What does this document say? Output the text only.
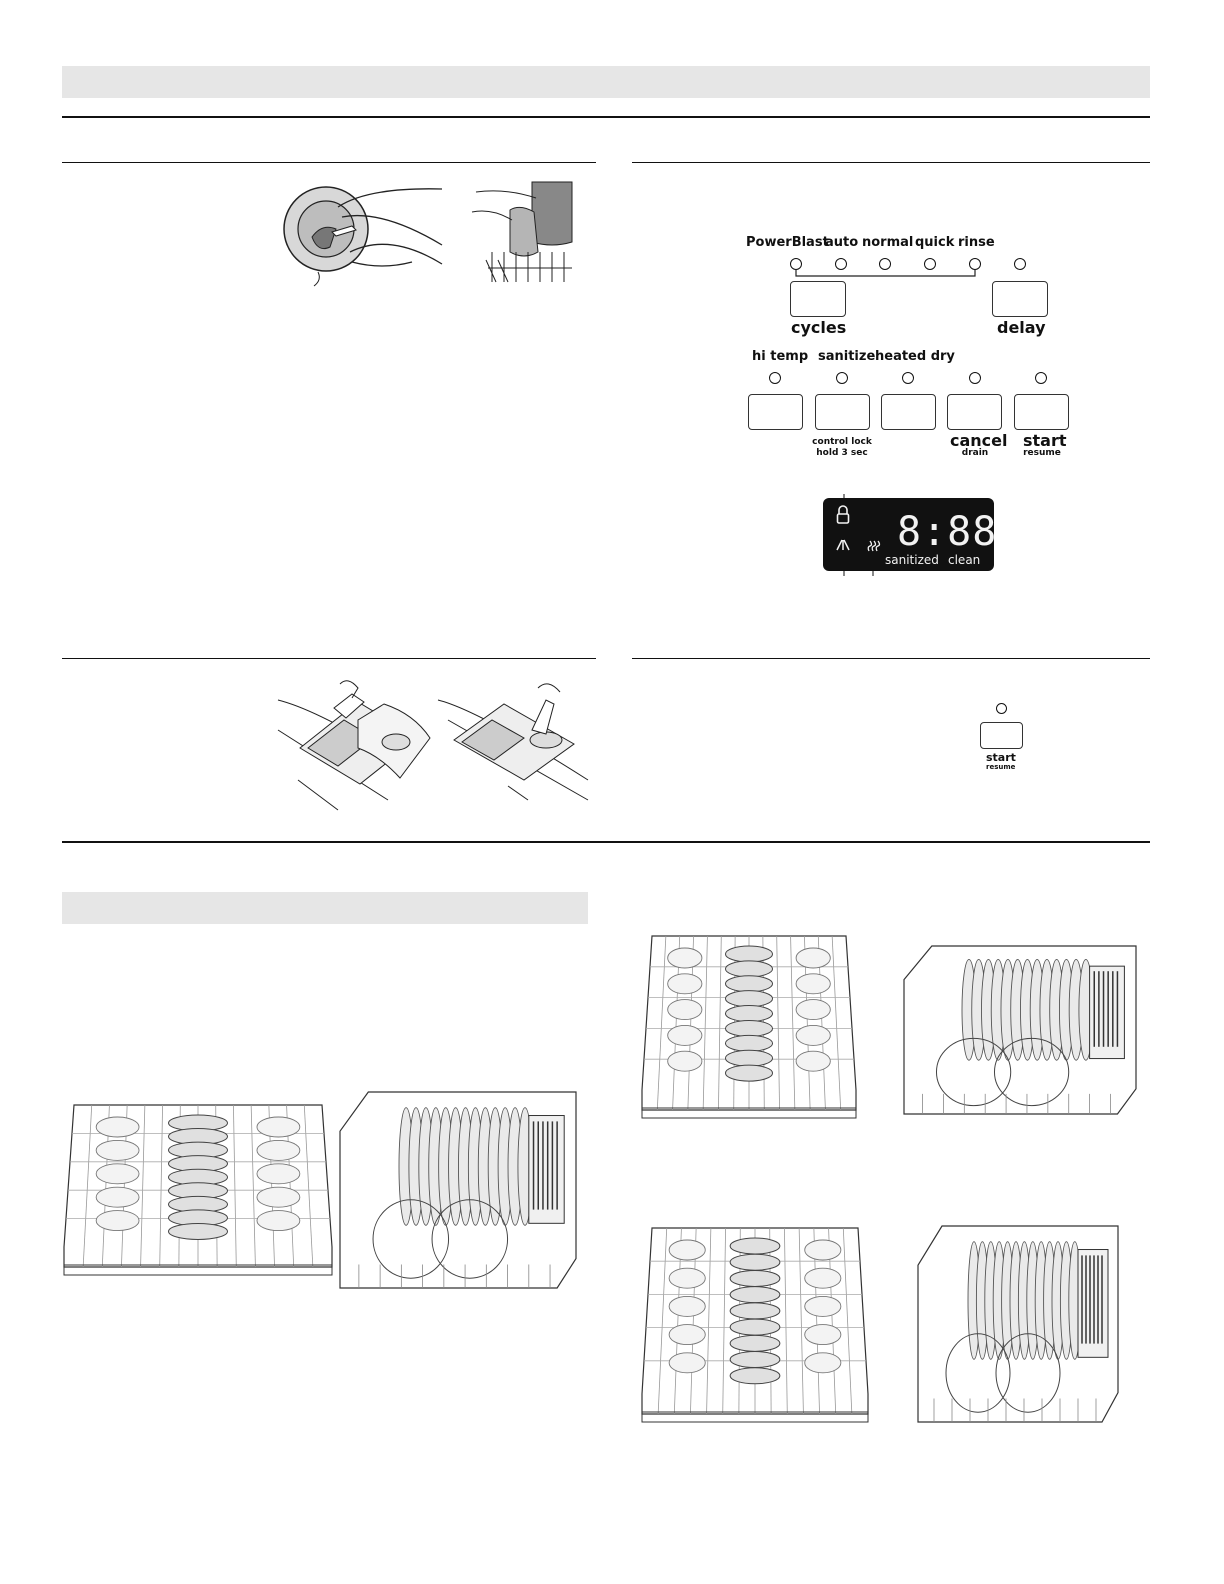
PowerBlast
auto normal quick rinse
cycles	delay
hi temp sanitize heated dry
control lock
hold 3 sec
cancel
drain
start
resume
8:88
sanitized clean
start
resume
